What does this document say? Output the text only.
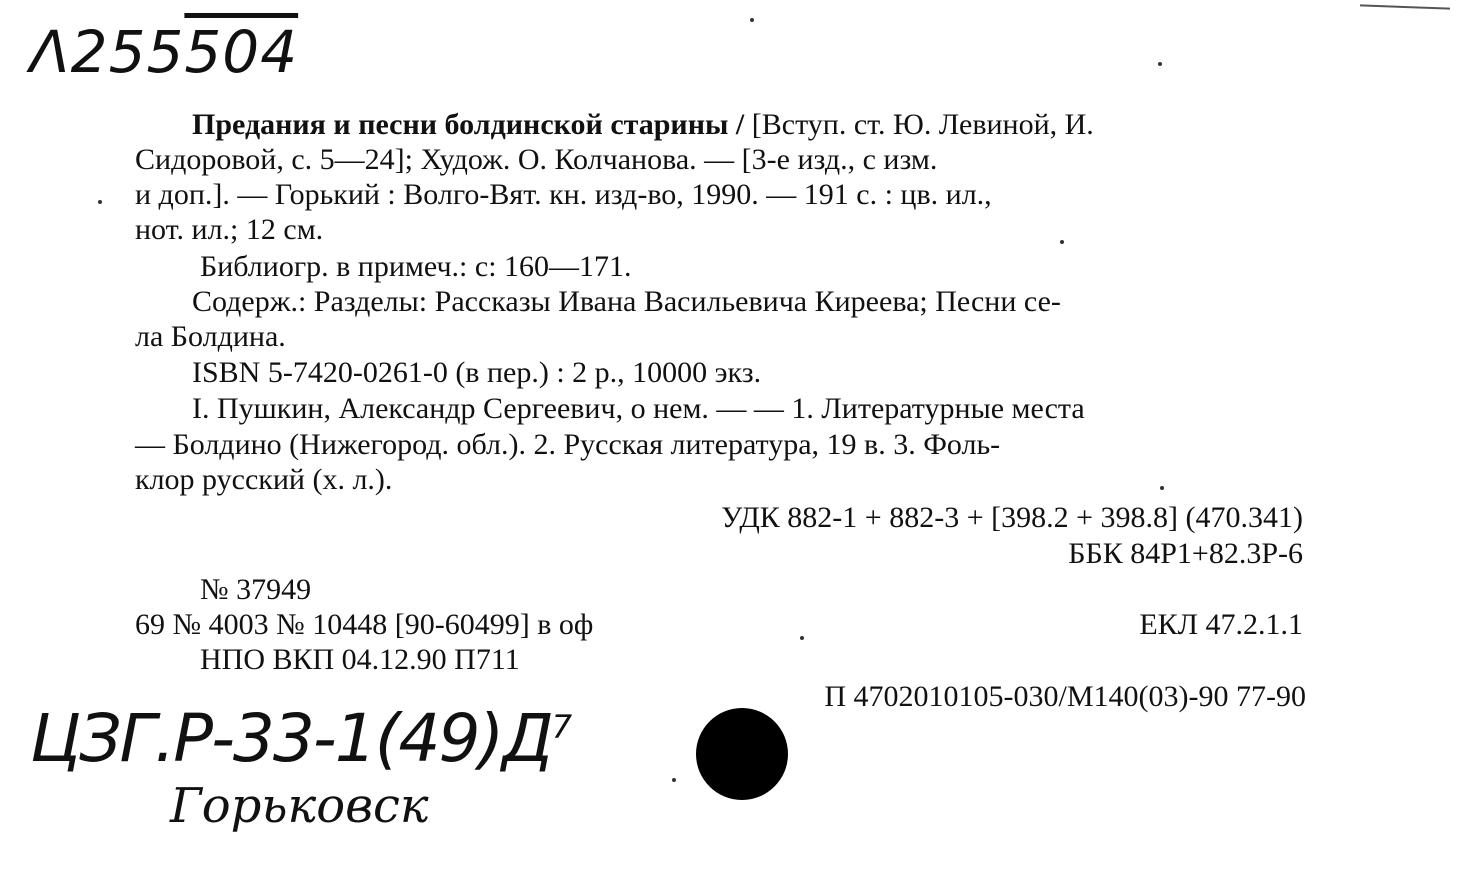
Λ255504
Предания и песни болдинской старины / [Вступ. ст. Ю. Левиной, И.
Сидоровой, с. 5—24]; Худож. О. Колчанова. — [3-е изд., с изм.
и доп.]. — Горький : Волго-Вят. кн. изд-во, 1990. — 191 с. : цв. ил.,
нот. ил.; 12 см.
Библиогр. в примеч.: с: 160—171.
Содерж.: Разделы: Рассказы Ивана Васильевича Киреева; Песни се-
ла Болдина.
ISBN 5-7420-0261-0 (в пер.) : 2 р., 10000 экз.
I. Пушкин, Александр Сергеевич, о нем. — — 1. Литературные места
— Болдино (Нижегород. обл.). 2. Русская литература, 19 в. 3. Фоль-
клор русский (х. л.).
УДК 882-1 + 882-3 + [398.2 + 398.8] (470.341)
ББК 84Р1+82.3Р-6
№ 37949
69 № 4003 № 10448 [90-60499] в оф	ЕКЛ 47.2.1.1
НПО ВКП 04.12.90 П711
П 4702010105-030/М140(03)-90 77-90
$ЦЗГ.Р-33-1(49)Д^7$
Горьковск
